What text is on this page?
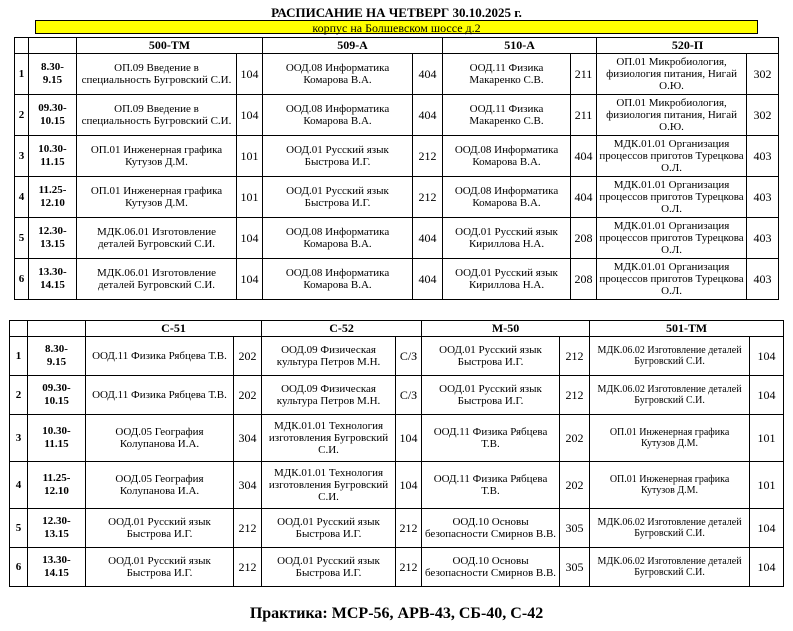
РАСПИСАНИЕ НА ЧЕТВЕРГ 30.10.2025 г.
корпус на Болшевском шоссе д.2
		500-ТМ		509-А		510-А		520-П	
1	8.30-
9.15	ОП.09 Введение в специальность Бугровский С.И.	104	ООД.08 Информатика Комарова В.А.	404	ООД.11 Физика Макаренко С.В.	211	ОП.01 Микробиология, физиология питания, Нигай О.Ю.	302
2	09.30-
10.15	ОП.09 Введение в специальность Бугровский С.И.	104	ООД.08 Информатика Комарова В.А.	404	ООД.11 Физика Макаренко С.В.	211	ОП.01 Микробиология, физиология питания, Нигай О.Ю.	302
3	10.30-
11.15	ОП.01 Инженерная графика Кутузов Д.М.	101	ООД.01 Русский язык Быстрова И.Г.	212	ООД.08 Информатика Комарова В.А.	404	МДК.01.01 Организация процессов приготов Турецкова О.Л.	403
4	11.25-
12.10	ОП.01 Инженерная графика Кутузов Д.М.	101	ООД.01 Русский язык Быстрова И.Г.	212	ООД.08 Информатика Комарова В.А.	404	МДК.01.01 Организация процессов приготов Турецкова О.Л.	403
5	12.30-
13.15	МДК.06.01 Изготовление деталей Бугровский С.И.	104	ООД.08 Информатика Комарова В.А.	404	ООД.01 Русский язык Кириллова Н.А.	208	МДК.01.01 Организация процессов приготов Турецкова О.Л.	403
6	13.30-
14.15	МДК.06.01 Изготовление деталей Бугровский С.И.	104	ООД.08 Информатика Комарова В.А.	404	ООД.01 Русский язык Кириллова Н.А.	208	МДК.01.01 Организация процессов приготов Турецкова О.Л.	403
		С-51		С-52		М-50		501-ТМ	
1	8.30-
9.15	ООД.11 Физика Рябцева Т.В.	202	ООД.09 Физическая культура Петров М.Н.	С/З	ООД.01 Русский язык Быстрова И.Г.	212	МДК.06.02 Изготовление деталей Бугровский С.И.	104
2	09.30-
10.15	ООД.11 Физика Рябцева Т.В.	202	ООД.09 Физическая культура Петров М.Н.	С/З	ООД.01 Русский язык Быстрова И.Г.	212	МДК.06.02 Изготовление деталей Бугровский С.И.	104
3	10.30-
11.15	ООД.05 География Колупанова И.А.	304	МДК.01.01 Технология изготовления Бугровский С.И.	104	ООД.11 Физика Рябцева Т.В.	202	ОП.01 Инженерная графика Кутузов Д.М.	101
4	11.25-
12.10	ООД.05 География Колупанова И.А.	304	МДК.01.01 Технология изготовления Бугровский С.И.	104	ООД.11 Физика Рябцева Т.В.	202	ОП.01 Инженерная графика Кутузов Д.М.	101
5	12.30-
13.15	ООД.01 Русский язык Быстрова И.Г.	212	ООД.01 Русский язык Быстрова И.Г.	212	ООД.10 Основы безопасности Смирнов В.В.	305	МДК.06.02 Изготовление деталей Бугровский С.И.	104
6	13.30-
14.15	ООД.01 Русский язык Быстрова И.Г.	212	ООД.01 Русский язык Быстрова И.Г.	212	ООД.10 Основы безопасности Смирнов В.В.	305	МДК.06.02 Изготовление деталей Бугровский С.И.	104
Практика: МСР-56, АРВ-43, СБ-40, С-42
